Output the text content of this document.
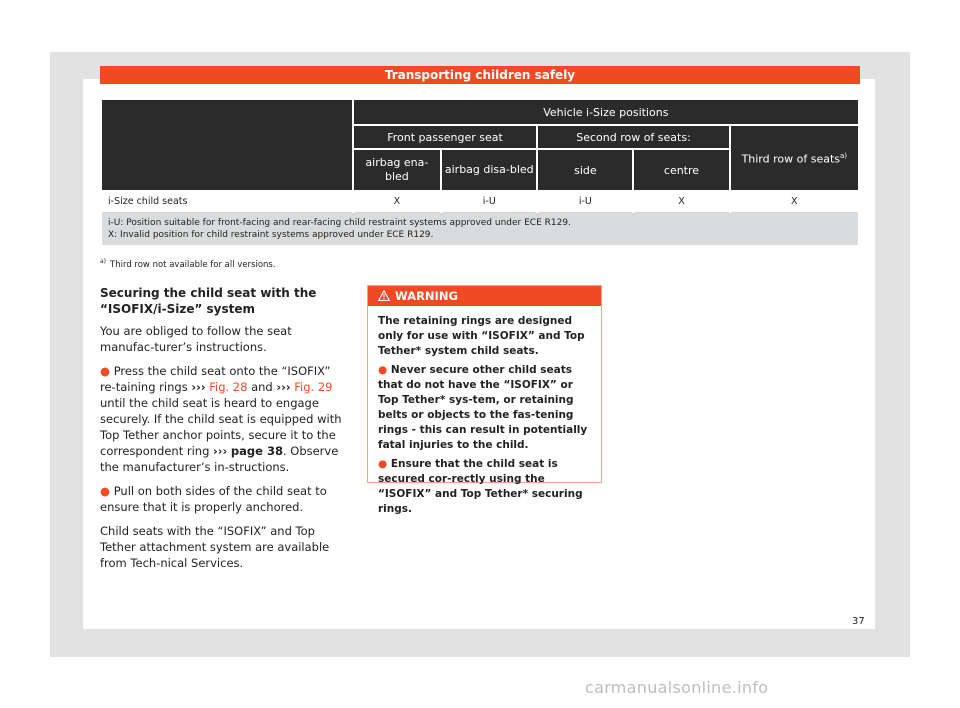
Transporting children safely
	Vehicle i-Size positions				
	Front passenger seat		Second row of seats:		Third row of seats$^{a)}$
	airbag ena-bled	airbag disa-bled	side	centre	
i-Size child seats	X	i-U	i-U	X	X

i-U: Position suitable for front-facing and rear-facing child restraint systems approved under ECE R129.
X: Invalid position for child restraint systems approved under ECE R129.					
$^{a)}$ Third row not available for all versions.
Securing the child seat with the “ISOFIX/i-Size” system

You are obliged to follow the seat manufac-turer’s instructions.

● Press the child seat onto the “ISOFIX” re-taining rings ››› Fig. 28 and ››› Fig. 29 until the child seat is heard to engage securely. If the child seat is equipped with Top Tether anchor points, secure it to the correspondent ring ››› page 38. Observe the manufacturer’s in-structions.

● Pull on both sides of the child seat to ensure that it is properly anchored.

Child seats with the “ISOFIX” and Top Tether attachment system are available from Tech-nical Services.

WARNING

The retaining rings are designed only for use with “ISOFIX” and Top Tether* system child seats.

● Never secure other child seats that do not have the “ISOFIX” or Top Tether* sys-tem, or retaining belts or objects to the fas-tening rings - this can result in potentially fatal injuries to the child.

● Ensure that the child seat is secured cor-rectly using the “ISOFIX” and Top Tether* securing rings.

37
carmanualsonline.info
